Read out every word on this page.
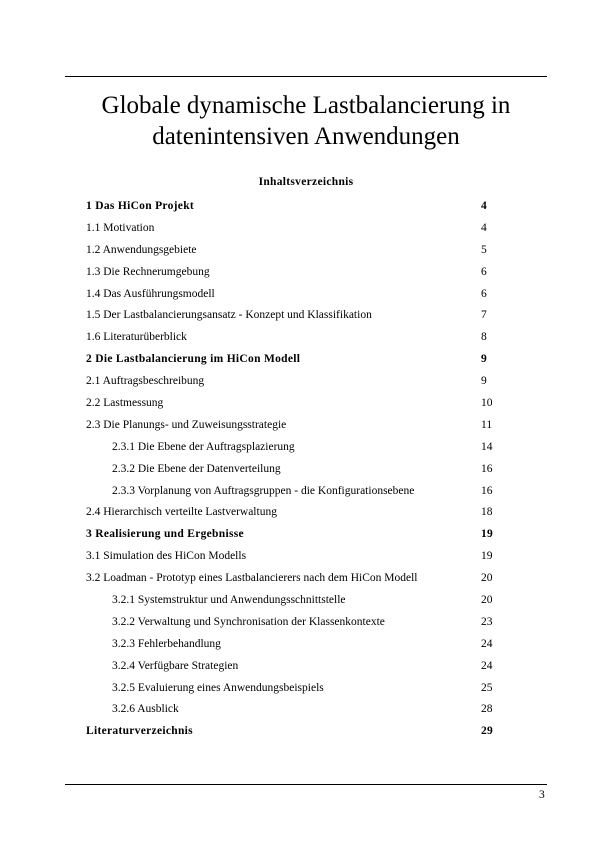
Globale dynamische Lastbalancierung in
datenintensiven Anwendungen
Inhaltsverzeichnis
1 Das HiCon Projekt	4
1.1 Motivation	4
1.2 Anwendungsgebiete	5
1.3 Die Rechnerumgebung	6
1.4 Das Ausführungsmodell	6
1.5 Der Lastbalancierungsansatz - Konzept und Klassifikation	7
1.6 Literaturüberblick	8
2 Die Lastbalancierung im HiCon Modell	9
2.1 Auftragsbeschreibung	9
2.2 Lastmessung	10
2.3 Die Planungs- und Zuweisungsstrategie	11
2.3.1 Die Ebene der Auftragsplazierung	14
2.3.2 Die Ebene der Datenverteilung	16
2.3.3 Vorplanung von Auftragsgruppen - die Konfigurationsebene	16
2.4 Hierarchisch verteilte Lastverwaltung	18
3 Realisierung und Ergebnisse	19
3.1 Simulation des HiCon Modells	19
3.2 Loadman - Prototyp eines Lastbalancierers nach dem HiCon Modell	20
3.2.1 Systemstruktur und Anwendungsschnittstelle	20
3.2.2 Verwaltung und Synchronisation der Klassenkontexte	23
3.2.3 Fehlerbehandlung	24
3.2.4 Verfügbare Strategien	24
3.2.5 Evaluierung eines Anwendungsbeispiels	25
3.2.6 Ausblick	28
Literaturverzeichnis	29
3
